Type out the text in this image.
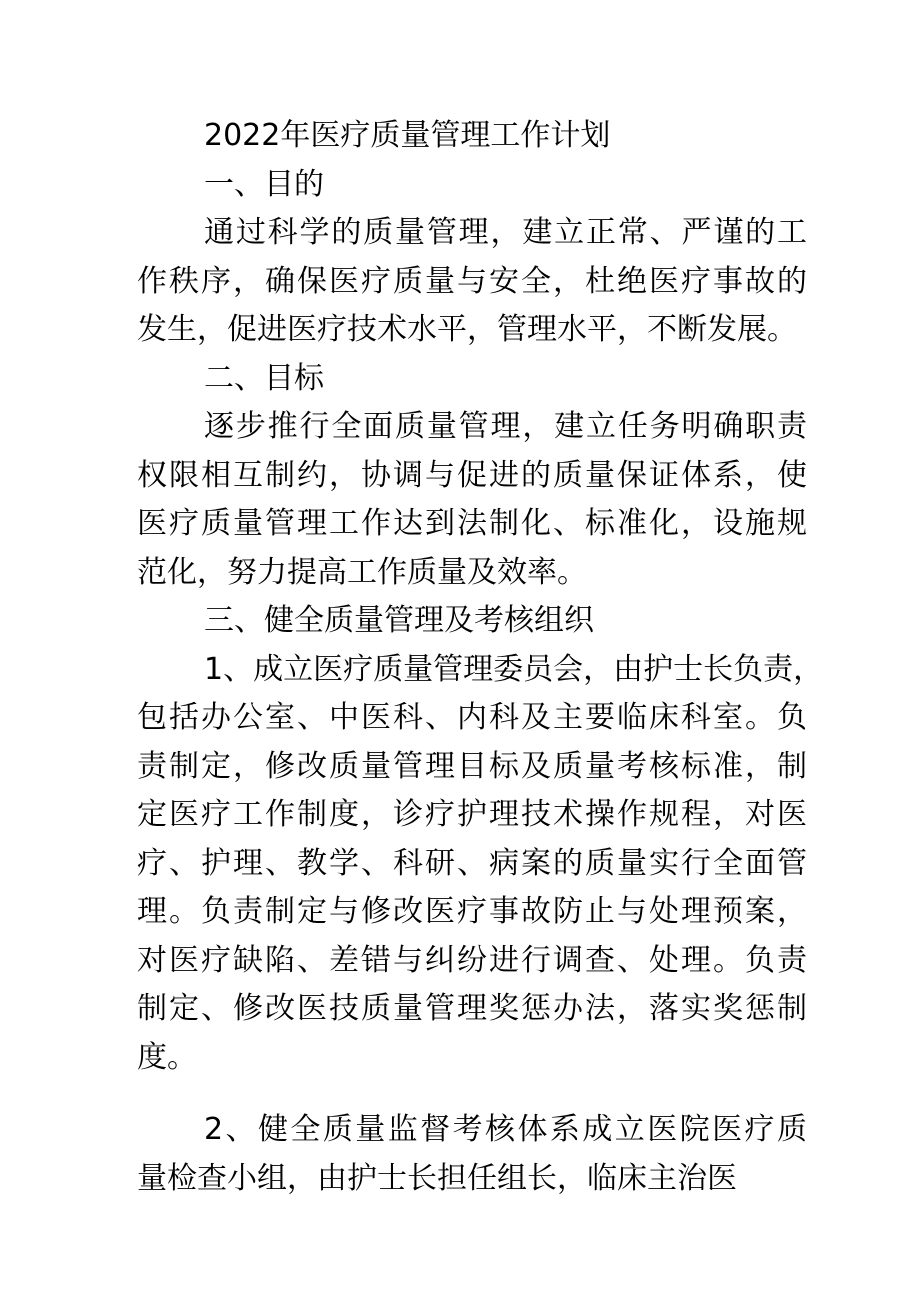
2022年医疗质量管理工作计划
一、目的
通过科学的质量管理，建立正常、严谨的工
作秩序，确保医疗质量与安全，杜绝医疗事故的
发生，促进医疗技术水平，管理水平，不断发展。
二、目标
逐步推行全面质量管理，建立任务明确职责
权限相互制约，协调与促进的质量保证体系，使
医疗质量管理工作达到法制化、标准化，设施规
范化，努力提高工作质量及效率。
三、健全质量管理及考核组织
1、成立医疗质量管理委员会，由护士长负责，
包括办公室、中医科、内科及主要临床科室。负
责制定，修改质量管理目标及质量考核标准，制
定医疗工作制度，诊疗护理技术操作规程，对医
疗、护理、教学、科研、病案的质量实行全面管
理。负责制定与修改医疗事故防止与处理预案，
对医疗缺陷、差错与纠纷进行调查、处理。负责
制定、修改医技质量管理奖惩办法，落实奖惩制
度。
2、健全质量监督考核体系成立医院医疗质
量检查小组，由护士长担任组长，临床主治医
